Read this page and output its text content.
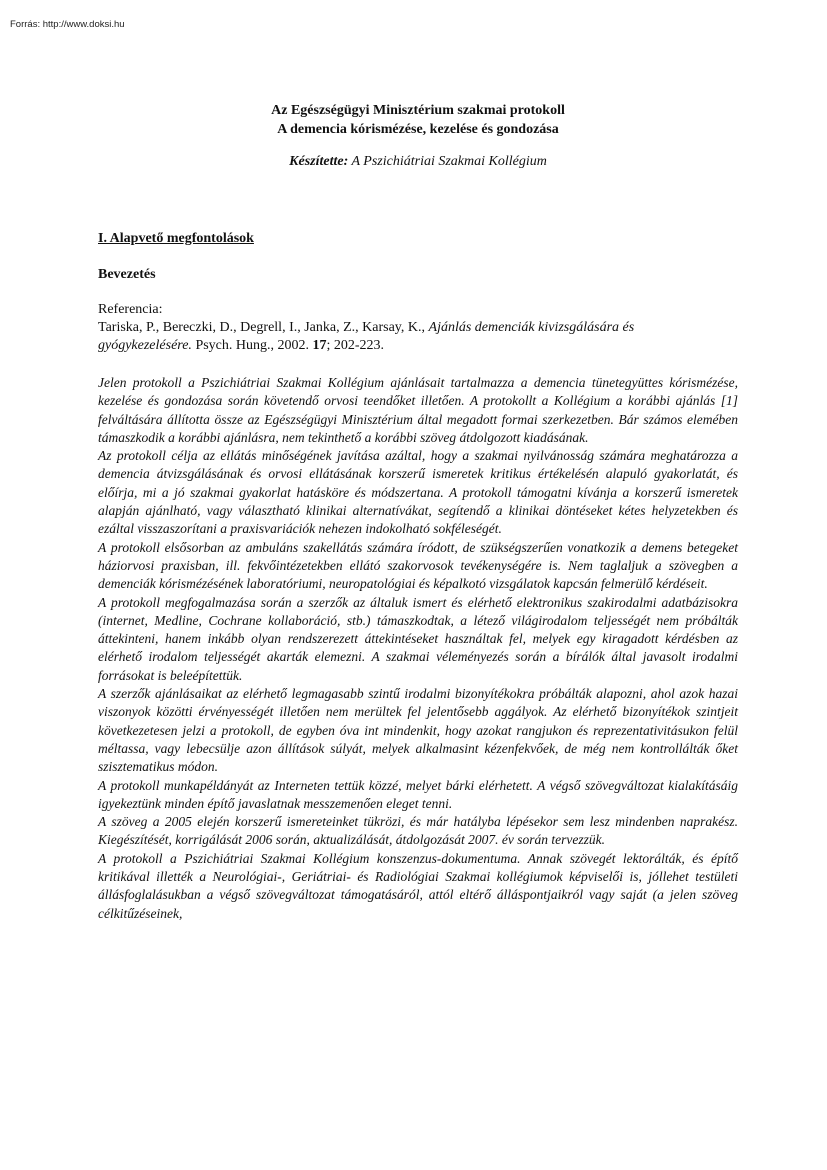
Forrás: http://www.doksi.hu

Az Egészségügyi Minisztérium szakmai protokoll

A demencia kórismézése, kezelése és gondozása

Készítette: A Pszichiátriai Szakmai Kollégium

I. Alapvető megfontolások

Bevezetés

Referencia:

Tariska, P., Bereczki, D., Degrell, I., Janka, Z., Karsay, K., Ajánlás demenciák kivizsgálására és gyógykezelésére. Psych. Hung., 2002. 17; 202-223.

Jelen protokoll a Pszichiátriai Szakmai Kollégium ajánlásait tartalmazza a demencia tünetegyüttes kórismézése, kezelése és gondozása során követendő orvosi teendőket illetően. A protokollt a Kollégium a korábbi ajánlás [1] felváltására állította össze az Egészségügyi Minisztérium által megadott formai szerkezetben. Bár számos elemében támaszkodik a korábbi ajánlásra, nem tekinthető a korábbi szöveg átdolgozott kiadásának.

Az protokoll célja az ellátás minőségének javítása azáltal, hogy a szakmai nyilvánosság számára meghatározza a demencia átvizsgálásának és orvosi ellátásának korszerű ismeretek kritikus értékelésén alapuló gyakorlatát, és előírja, mi a jó szakmai gyakorlat hatásköre és módszertana. A protokoll támogatni kívánja a korszerű ismeretek alapján ajánlható, vagy választható klinikai alternatívákat, segítendő a klinikai döntéseket kétes helyzetekben és ezáltal visszaszorítani a praxisvariációk nehezen indokolható sokféleségét.

A protokoll elsősorban az ambuláns szakellátás számára íródott, de szükségszerűen vonatkozik a demens betegeket háziorvosi praxisban, ill. fekvőintézetekben ellátó szakorvosok tevékenységére is. Nem taglaljuk a szövegben a demenciák kórismézésének laboratóriumi, neuropatológiai és képalkotó vizsgálatok kapcsán felmerülő kérdéseit.

A protokoll megfogalmazása során a szerzők az általuk ismert és elérhető elektronikus szakirodalmi adatbázisokra (internet, Medline, Cochrane kollaboráció, stb.) támaszkodtak, a létező világirodalom teljességét nem próbálták áttekinteni, hanem inkább olyan rendszerezett áttekintéseket használtak fel, melyek egy kiragadott kérdésben az elérhető irodalom teljességét akarták elemezni. A szakmai véleményezés során a bírálók által javasolt irodalmi forrásokat is beleépítettük.

A szerzők ajánlásaikat az elérhető legmagasabb szintű irodalmi bizonyítékokra próbálták alapozni, ahol azok hazai viszonyok közötti érvényességét illetően nem merültek fel jelentősebb aggályok. Az elérhető bizonyítékok szintjeit következetesen jelzi a protokoll, de egyben óva int mindenkit, hogy azokat rangjukon és reprezentativitásukon felül méltassa, vagy lebecsülje azon állítások súlyát, melyek alkalmasint kézenfekvőek, de még nem kontrollálták őket szisztematikus módon.

A protokoll munkapéldányát az Interneten tettük közzé, melyet bárki elérhetett. A végső szövegváltozat kialakításáig igyekeztünk minden építő javaslatnak messzemenően eleget tenni.

A szöveg a 2005 elején korszerű ismereteinket tükrözi, és már hatályba lépésekor sem lesz mindenben naprakész. Kiegészítését, korrigálását 2006 során, aktualizálását, átdolgozását 2007. év során tervezzük.

A protokoll a Pszichiátriai Szakmai Kollégium konszenzus-dokumentuma. Annak szövegét lektorálták, és építő kritikával illették a Neurológiai-, Geriátriai- és Radiológiai Szakmai kollégiumok képviselői is, jóllehet testületi állásfoglalásukban a végső szövegváltozat támogatásáról, attól eltérő álláspontjaikról vagy saját (a jelen szöveg célkitűzéseinek,
